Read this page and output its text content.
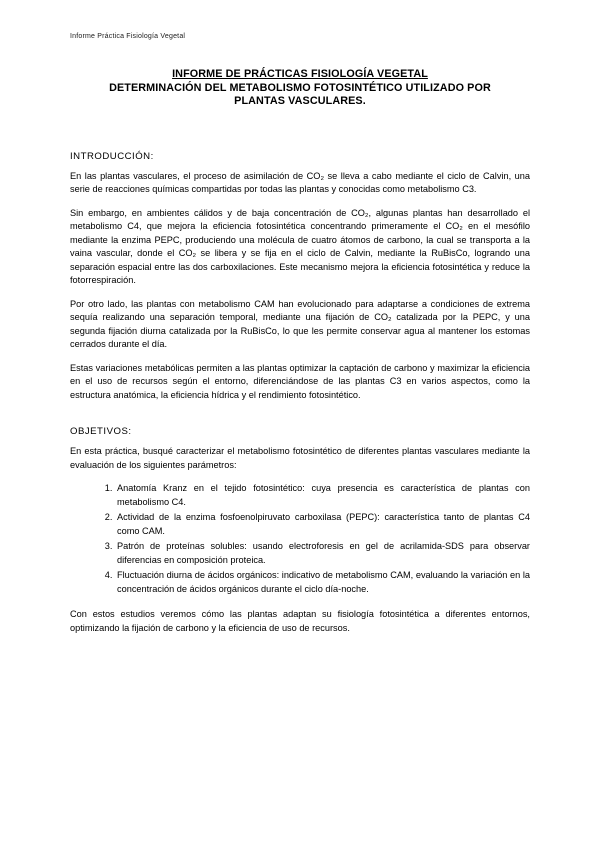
Informe Práctica Fisiología Vegetal
INFORME DE PRÁCTICAS FISIOLOGÍA VEGETAL
DETERMINACIÓN DEL METABOLISMO FOTOSINTÉTICO UTILIZADO POR
PLANTAS VASCULARES.
INTRODUCCIÓN:

En las plantas vasculares, el proceso de asimilación de CO₂ se lleva a cabo mediante el ciclo de Calvin, una serie de reacciones químicas compartidas por todas las plantas y conocidas como metabolismo C3.

Sin embargo, en ambientes cálidos y de baja concentración de CO₂, algunas plantas han desarrollado el metabolismo C4, que mejora la eficiencia fotosintética concentrando primeramente el CO₂ en el mesófilo mediante la enzima PEPC, produciendo una molécula de cuatro átomos de carbono, la cual se transporta a la vaina vascular, donde el CO₂ se libera y se fija en el ciclo de Calvin, mediante la RuBisCo, logrando una separación espacial entre las dos carboxilaciones. Este mecanismo mejora la eficiencia fotosintética y reduce la fotorrespiración.

Por otro lado, las plantas con metabolismo CAM han evolucionado para adaptarse a condiciones de extrema sequía realizando una separación temporal, mediante una fijación de CO₂ catalizada por la PEPC, y una segunda fijación diurna catalizada por la RuBisCo, lo que les permite conservar agua al mantener los estomas cerrados durante el día.

Estas variaciones metabólicas permiten a las plantas optimizar la captación de carbono y maximizar la eficiencia en el uso de recursos según el entorno, diferenciándose de las plantas C3 en varios aspectos, como la estructura anatómica, la eficiencia hídrica y el rendimiento fotosintético.

OBJETIVOS:

En esta práctica, busqué caracterizar el metabolismo fotosintético de diferentes plantas vasculares mediante la evaluación de los siguientes parámetros:

1. Anatomía Kranz en el tejido fotosintético: cuya presencia es característica de plantas con metabolismo C4.
2. Actividad de la enzima fosfoenolpiruvato carboxilasa (PEPC): característica tanto de plantas C4 como CAM.
3. Patrón de proteínas solubles: usando electroforesis en gel de acrilamida-SDS para observar diferencias en composición proteica.
4. Fluctuación diurna de ácidos orgánicos: indicativo de metabolismo CAM, evaluando la variación en la concentración de ácidos orgánicos durante el ciclo día-noche.

Con estos estudios veremos cómo las plantas adaptan su fisiología fotosintética a diferentes entornos, optimizando la fijación de carbono y la eficiencia de uso de recursos.
